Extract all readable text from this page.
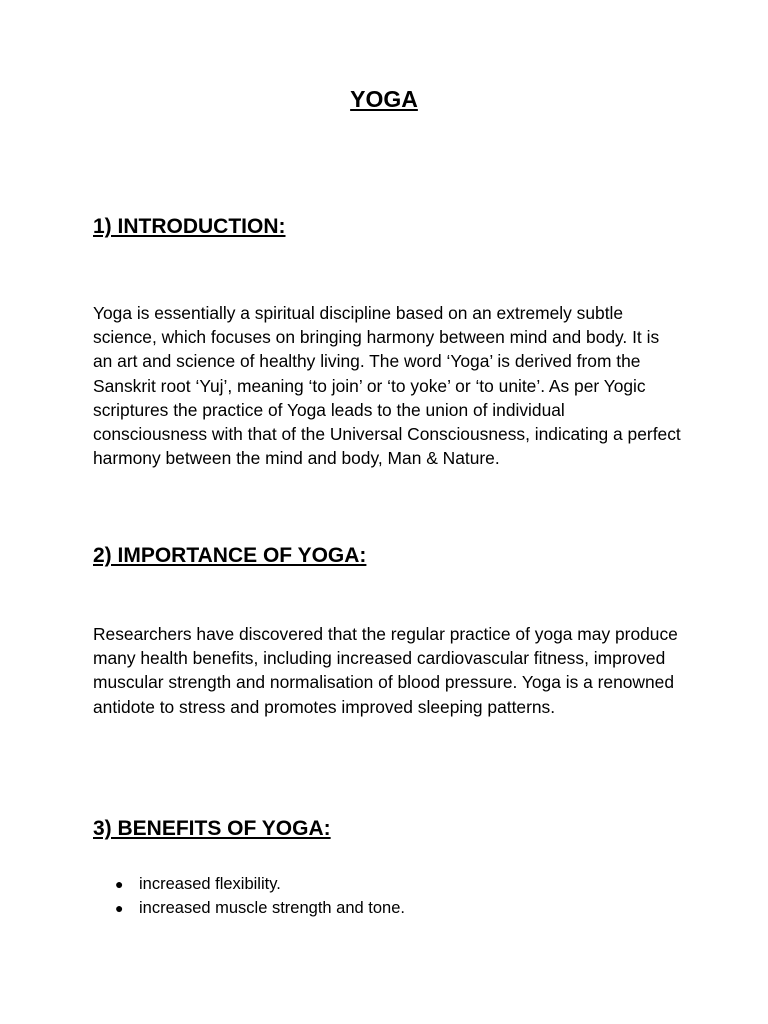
YOGA
1) INTRODUCTION:

Yoga is essentially a spiritual discipline based on an extremely subtle science, which focuses on bringing harmony between mind and body. It is an art and science of healthy living. The word ‘Yoga’ is derived from the Sanskrit root ‘Yuj’, meaning ‘to join’ or ‘to yoke’ or ‘to unite’. As per Yogic scriptures the practice of Yoga leads to the union of individual consciousness with that of the Universal Consciousness, indicating a perfect harmony between the mind and body, Man & Nature.

2) IMPORTANCE OF YOGA:

Researchers have discovered that the regular practice of yoga may produce many health benefits, including increased cardiovascular fitness, improved muscular strength and normalisation of blood pressure. Yoga is a renowned antidote to stress and promotes improved sleeping patterns.

3) BENEFITS OF YOGA:
● increased flexibility.
● increased muscle strength and tone.
